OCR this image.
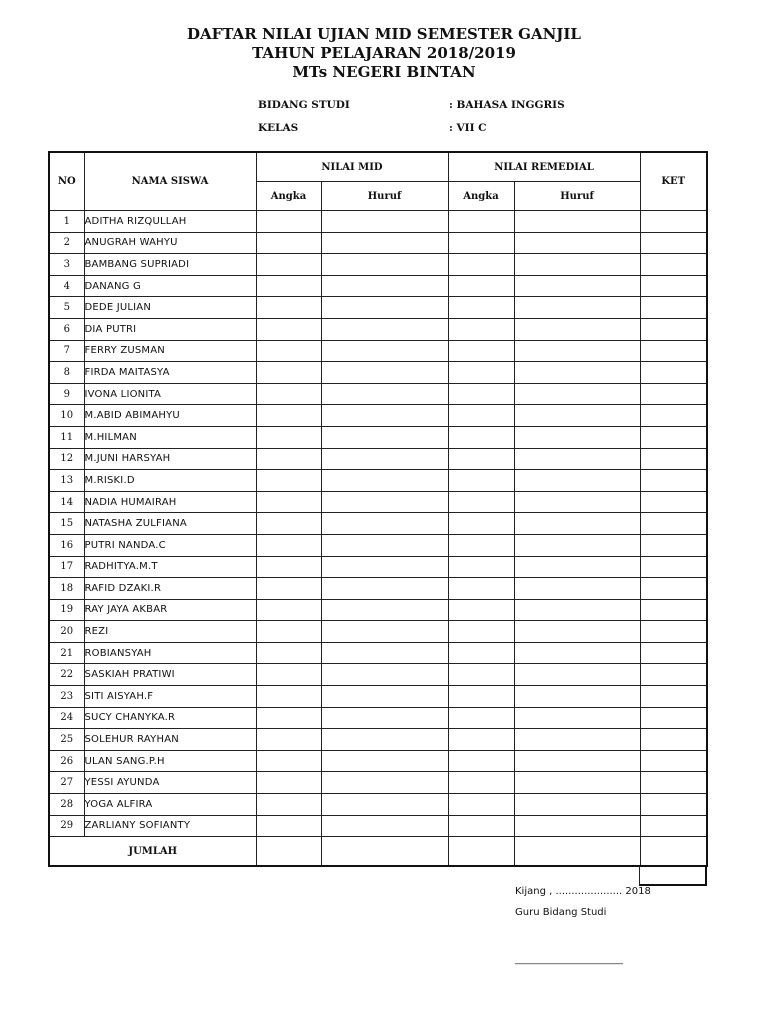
DAFTAR NILAI UJIAN MID SEMESTER GANJIL
TAHUN PELAJARAN 2018/2019
MTs NEGERI BINTAN
BIDANG STUDI	: BAHASA INGGRIS
KELAS	: VII C
NO	NAMA SISWA	NILAI MID		NILAI REMEDIAL		KET
		Angka	Huruf	Angka	Huruf	
1	ADITHA RIZQULLAH					
2	ANUGRAH WAHYU					
3	BAMBANG SUPRIADI					
4	DANANG G					
5	DEDE JULIAN					
6	DIA PUTRI					
7	FERRY ZUSMAN					
8	FIRDA MAITASYA					
9	IVONA LIONITA					
10	M.ABID ABIMAHYU					
11	M.HILMAN					
12	M.JUNI HARSYAH					
13	M.RISKI.D					
14	NADIA HUMAIRAH					
15	NATASHA ZULFIANA					
16	PUTRI NANDA.C					
17	RADHITYA.M.T					
18	RAFID DZAKI.R					
19	RAY JAYA AKBAR					
20	REZI					
21	ROBIANSYAH					
22	SASKIAH PRATIWI					
23	SITI AISYAH.F					
24	SUCY CHANYKA.R					
25	SOLEHUR RAYHAN					
26	ULAN SANG.P.H					
27	YESSI AYUNDA					
28	YOGA ALFIRA					
29	ZARLIANY SOFIANTY					
JUMLAH						
Kijang , ..................... 2018
Guru Bidang Studi
________________________
